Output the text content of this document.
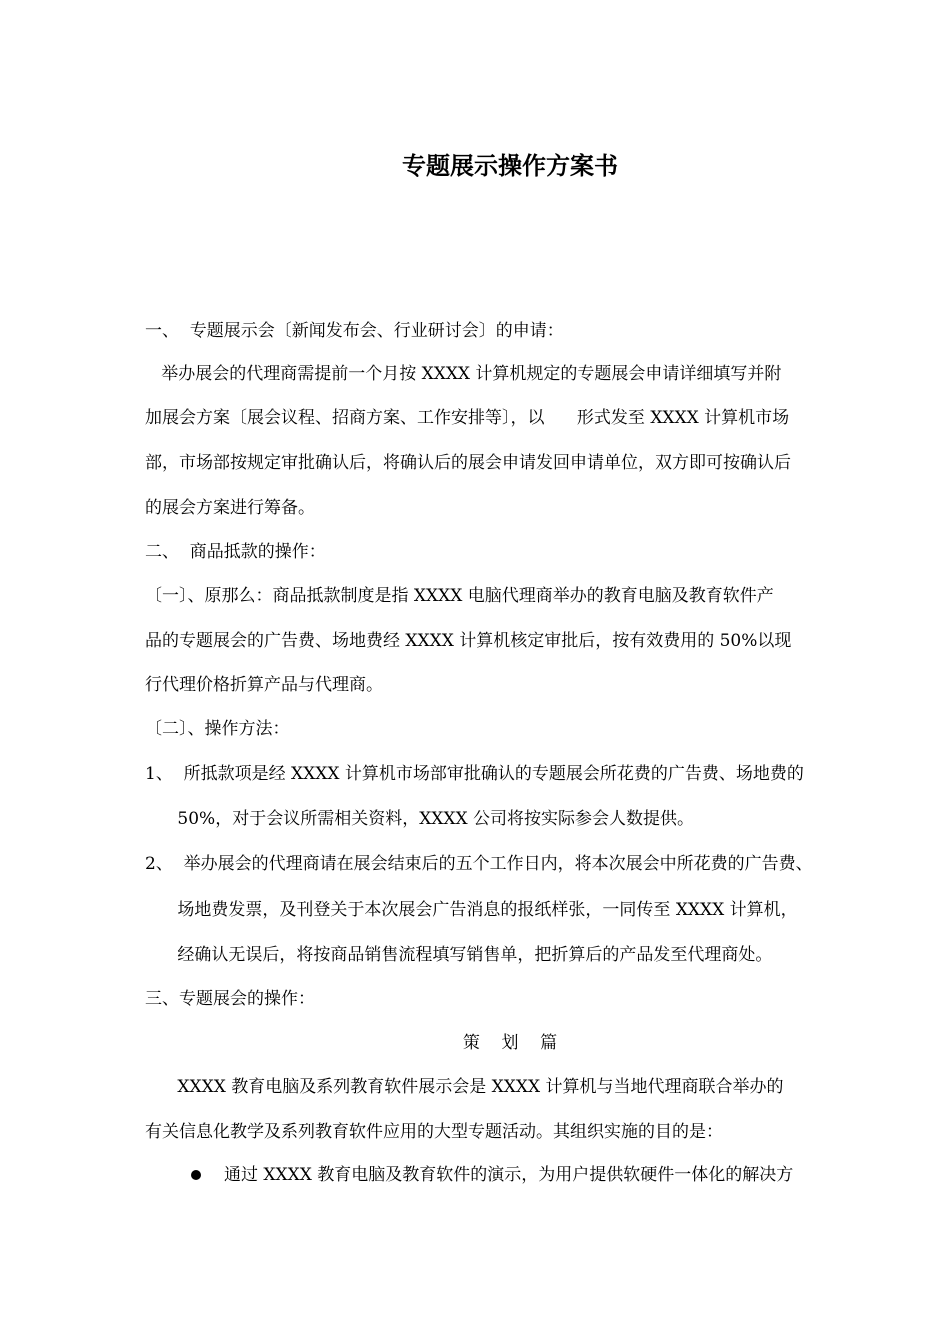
专题展示操作方案书

一、  专题展示会〔新闻发布会、行业研讨会〕的申请：

举办展会的代理商需提前一个月按 XXXX 计算机规定的专题展会申请详细填写并附

加展会方案〔展会议程、招商方案、工作安排等〕，以      形式发至 XXXX 计算机市场

部，市场部按规定审批确认后，将确认后的展会申请发回申请单位，双方即可按确认后

的展会方案进行筹备。

二、  商品抵款的操作：

〔一〕、原那么：商品抵款制度是指 XXXX 电脑代理商举办的教育电脑及教育软件产

品的专题展会的广告费、场地费经 XXXX 计算机核定审批后，按有效费用的 50%以现

行代理价格折算产品与代理商。

〔二〕、操作方法：

1、  所抵款项是经 XXXX 计算机市场部审批确认的专题展会所花费的广告费、场地费的

50%，对于会议所需相关资料，XXXX 公司将按实际参会人数提供。

2、  举办展会的代理商请在展会结束后的五个工作日内，将本次展会中所花费的广告费、

场地费发票，及刊登关于本次展会广告消息的报纸样张，一同传至 XXXX 计算机，

经确认无误后，将按商品销售流程填写销售单，把折算后的产品发至代理商处。

三、专题展会的操作：

策    划    篇

XXXX 教育电脑及系列教育软件展示会是 XXXX 计算机与当地代理商联合举办的

有关信息化教学及系列教育软件应用的大型专题活动。其组织实施的目的是：

通过 XXXX 教育电脑及教育软件的演示，为用户提供软硬件一体化的解决方
